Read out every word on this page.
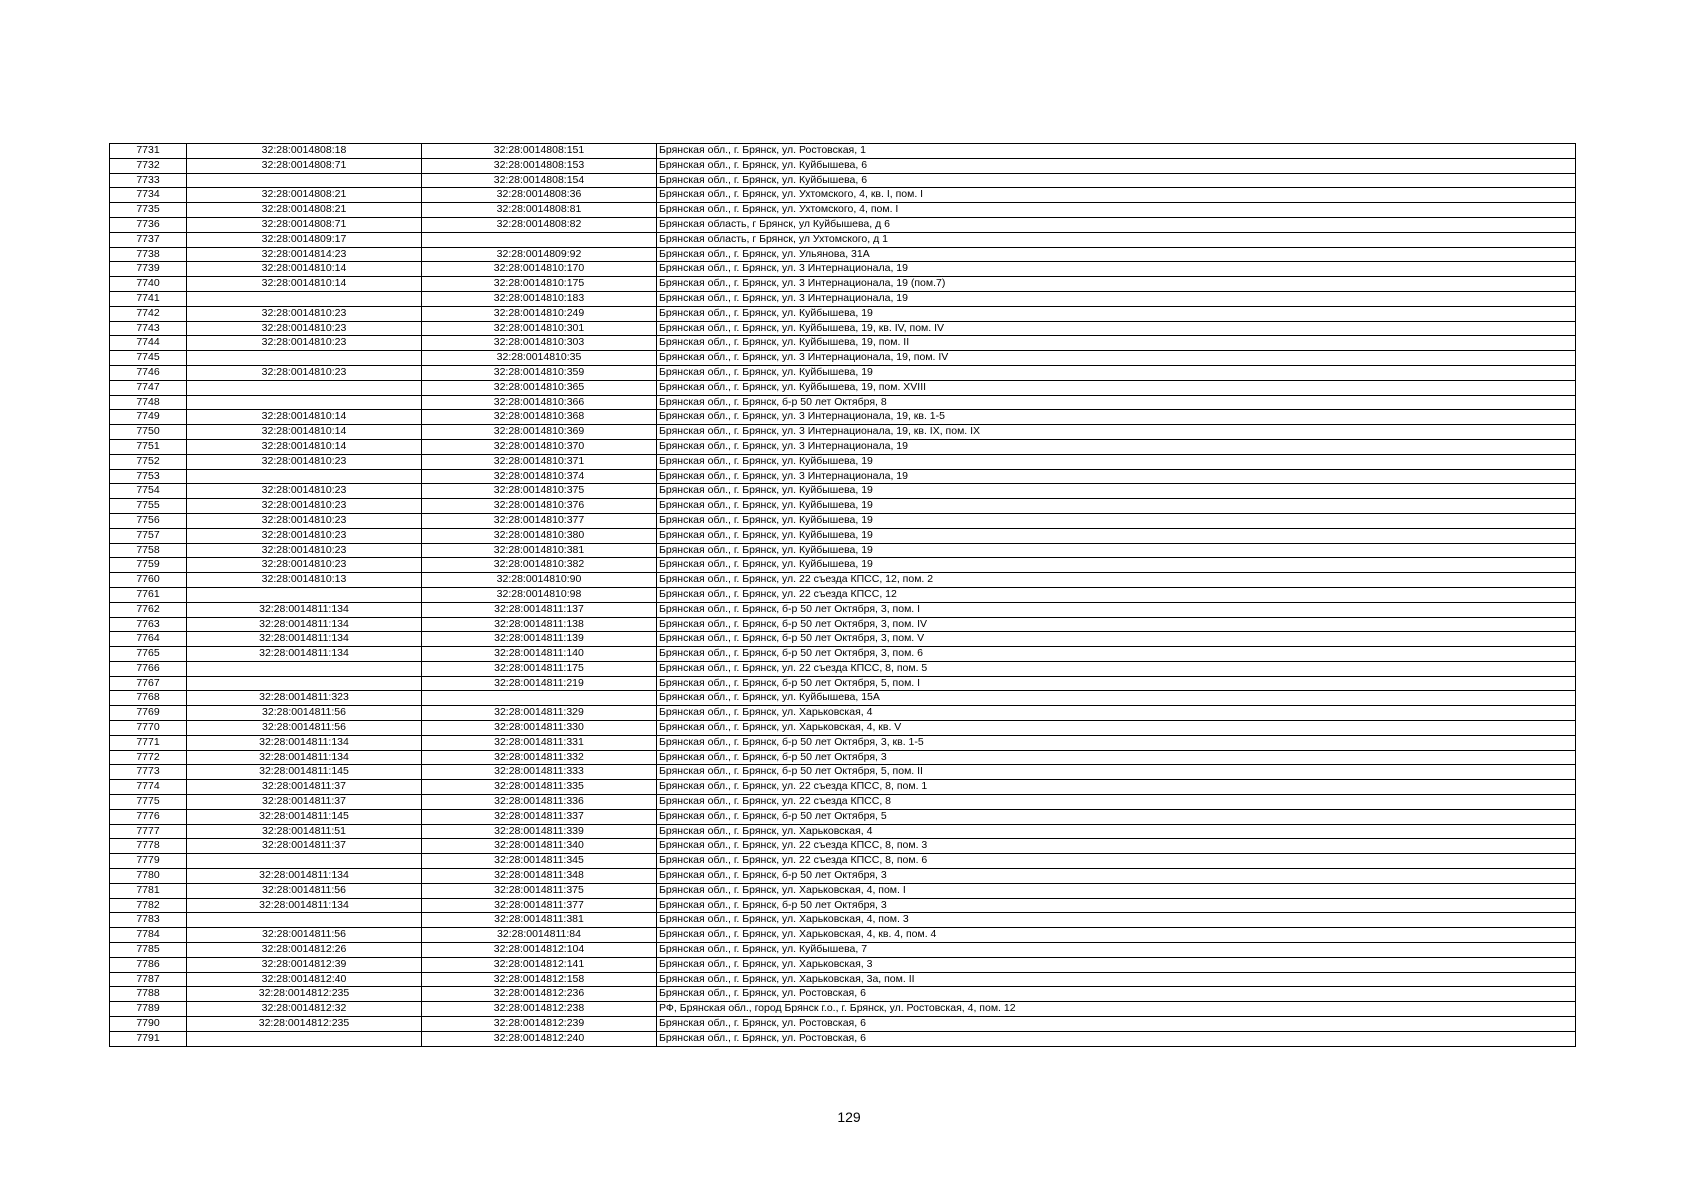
7731	32:28:0014808:18	32:28:0014808:151	Брянская обл., г. Брянск, ул. Ростовская, 1
7732	32:28:0014808:71	32:28:0014808:153	Брянская обл., г. Брянск, ул. Куйбышева, 6
7733		32:28:0014808:154	Брянская обл., г. Брянск, ул. Куйбышева, 6
7734	32:28:0014808:21	32:28:0014808:36	Брянская обл., г. Брянск, ул. Ухтомского, 4, кв. I, пом. I
7735	32:28:0014808:21	32:28:0014808:81	Брянская обл., г. Брянск, ул. Ухтомского, 4, пом. I
7736	32:28:0014808:71	32:28:0014808:82	Брянская область, г Брянск, ул Куйбышева, д 6
7737	32:28:0014809:17		Брянская область, г Брянск, ул Ухтомского, д 1
7738	32:28:0014814:23	32:28:0014809:92	Брянская обл., г. Брянск, ул. Ульянова, 31А
7739	32:28:0014810:14	32:28:0014810:170	Брянская обл., г. Брянск, ул. 3 Интернационала, 19
7740	32:28:0014810:14	32:28:0014810:175	Брянская обл., г. Брянск, ул. 3 Интернационала, 19 (пом.7)
7741		32:28:0014810:183	Брянская обл., г. Брянск, ул. 3 Интернационала, 19
7742	32:28:0014810:23	32:28:0014810:249	Брянская обл., г. Брянск, ул. Куйбышева, 19
7743	32:28:0014810:23	32:28:0014810:301	Брянская обл., г. Брянск, ул. Куйбышева, 19, кв. IV, пом. IV
7744	32:28:0014810:23	32:28:0014810:303	Брянская обл., г. Брянск, ул. Куйбышева, 19, пом. II
7745		32:28:0014810:35	Брянская обл., г. Брянск, ул. 3 Интернационала, 19, пом. IV
7746	32:28:0014810:23	32:28:0014810:359	Брянская обл., г. Брянск, ул. Куйбышева, 19
7747		32:28:0014810:365	Брянская обл., г. Брянск, ул. Куйбышева, 19, пом. XVIII
7748		32:28:0014810:366	Брянская обл., г. Брянск, б-р 50 лет Октября, 8
7749	32:28:0014810:14	32:28:0014810:368	Брянская обл., г. Брянск, ул. 3 Интернационала, 19, кв. 1-5
7750	32:28:0014810:14	32:28:0014810:369	Брянская обл., г. Брянск, ул. 3 Интернационала, 19, кв. IX, пом. IX
7751	32:28:0014810:14	32:28:0014810:370	Брянская обл., г. Брянск, ул. 3 Интернационала, 19
7752	32:28:0014810:23	32:28:0014810:371	Брянская обл., г. Брянск, ул. Куйбышева, 19
7753		32:28:0014810:374	Брянская обл., г. Брянск, ул. 3 Интернационала, 19
7754	32:28:0014810:23	32:28:0014810:375	Брянская обл., г. Брянск, ул. Куйбышева, 19
7755	32:28:0014810:23	32:28:0014810:376	Брянская обл., г. Брянск, ул. Куйбышева, 19
7756	32:28:0014810:23	32:28:0014810:377	Брянская обл., г. Брянск, ул. Куйбышева, 19
7757	32:28:0014810:23	32:28:0014810:380	Брянская обл., г. Брянск, ул. Куйбышева, 19
7758	32:28:0014810:23	32:28:0014810:381	Брянская обл., г. Брянск, ул. Куйбышева, 19
7759	32:28:0014810:23	32:28:0014810:382	Брянская обл., г. Брянск, ул. Куйбышева, 19
7760	32:28:0014810:13	32:28:0014810:90	Брянская обл., г. Брянск, ул. 22 съезда КПСС, 12, пом. 2
7761		32:28:0014810:98	Брянская обл., г. Брянск, ул. 22 съезда КПСС, 12
7762	32:28:0014811:134	32:28:0014811:137	Брянская обл., г. Брянск, б-р 50 лет Октября, 3, пом. I
7763	32:28:0014811:134	32:28:0014811:138	Брянская обл., г. Брянск, б-р 50 лет Октября, 3, пом. IV
7764	32:28:0014811:134	32:28:0014811:139	Брянская обл., г. Брянск, б-р 50 лет Октября, 3, пом. V
7765	32:28:0014811:134	32:28:0014811:140	Брянская обл., г. Брянск, б-р 50 лет Октября, 3, пом. 6
7766		32:28:0014811:175	Брянская обл., г. Брянск, ул. 22 съезда КПСС, 8, пом. 5
7767		32:28:0014811:219	Брянская обл., г. Брянск, б-р 50 лет Октября, 5, пом. I
7768	32:28:0014811:323		Брянская обл., г. Брянск, ул. Куйбышева, 15А
7769	32:28:0014811:56	32:28:0014811:329	Брянская обл., г. Брянск, ул. Харьковская, 4
7770	32:28:0014811:56	32:28:0014811:330	Брянская обл., г. Брянск, ул. Харьковская, 4, кв. V
7771	32:28:0014811:134	32:28:0014811:331	Брянская обл., г. Брянск, б-р 50 лет Октября, 3, кв. 1-5
7772	32:28:0014811:134	32:28:0014811:332	Брянская обл., г. Брянск, б-р 50 лет Октября, 3
7773	32:28:0014811:145	32:28:0014811:333	Брянская обл., г. Брянск, б-р 50 лет Октября, 5, пом. II
7774	32:28:0014811:37	32:28:0014811:335	Брянская обл., г. Брянск, ул. 22 съезда КПСС, 8, пом. 1
7775	32:28:0014811:37	32:28:0014811:336	Брянская обл., г. Брянск, ул. 22 съезда КПСС, 8
7776	32:28:0014811:145	32:28:0014811:337	Брянская обл., г. Брянск, б-р 50 лет Октября, 5
7777	32:28:0014811:51	32:28:0014811:339	Брянская обл., г. Брянск, ул. Харьковская, 4
7778	32:28:0014811:37	32:28:0014811:340	Брянская обл., г. Брянск, ул. 22 съезда КПСС, 8, пом. 3
7779		32:28:0014811:345	Брянская обл., г. Брянск, ул. 22 съезда КПСС, 8, пом. 6
7780	32:28:0014811:134	32:28:0014811:348	Брянская обл., г. Брянск, б-р 50 лет Октября, 3
7781	32:28:0014811:56	32:28:0014811:375	Брянская обл., г. Брянск, ул. Харьковская, 4, пом. I
7782	32:28:0014811:134	32:28:0014811:377	Брянская обл., г. Брянск, б-р 50 лет Октября, 3
7783		32:28:0014811:381	Брянская обл., г. Брянск, ул. Харьковская, 4, пом. 3
7784	32:28:0014811:56	32:28:0014811:84	Брянская обл., г. Брянск, ул. Харьковская, 4, кв. 4, пом. 4
7785	32:28:0014812:26	32:28:0014812:104	Брянская обл., г. Брянск, ул. Куйбышева, 7
7786	32:28:0014812:39	32:28:0014812:141	Брянская обл., г. Брянск, ул. Харьковская, 3
7787	32:28:0014812:40	32:28:0014812:158	Брянская обл., г. Брянск, ул. Харьковская, 3а, пом. II
7788	32:28:0014812:235	32:28:0014812:236	Брянская обл., г. Брянск, ул. Ростовская, 6
7789	32:28:0014812:32	32:28:0014812:238	РФ, Брянская обл., город Брянск г.о., г. Брянск, ул. Ростовская, 4, пом. 12
7790	32:28:0014812:235	32:28:0014812:239	Брянская обл., г. Брянск, ул. Ростовская, 6
7791		32:28:0014812:240	Брянская обл., г. Брянск, ул. Ростовская, 6
129
